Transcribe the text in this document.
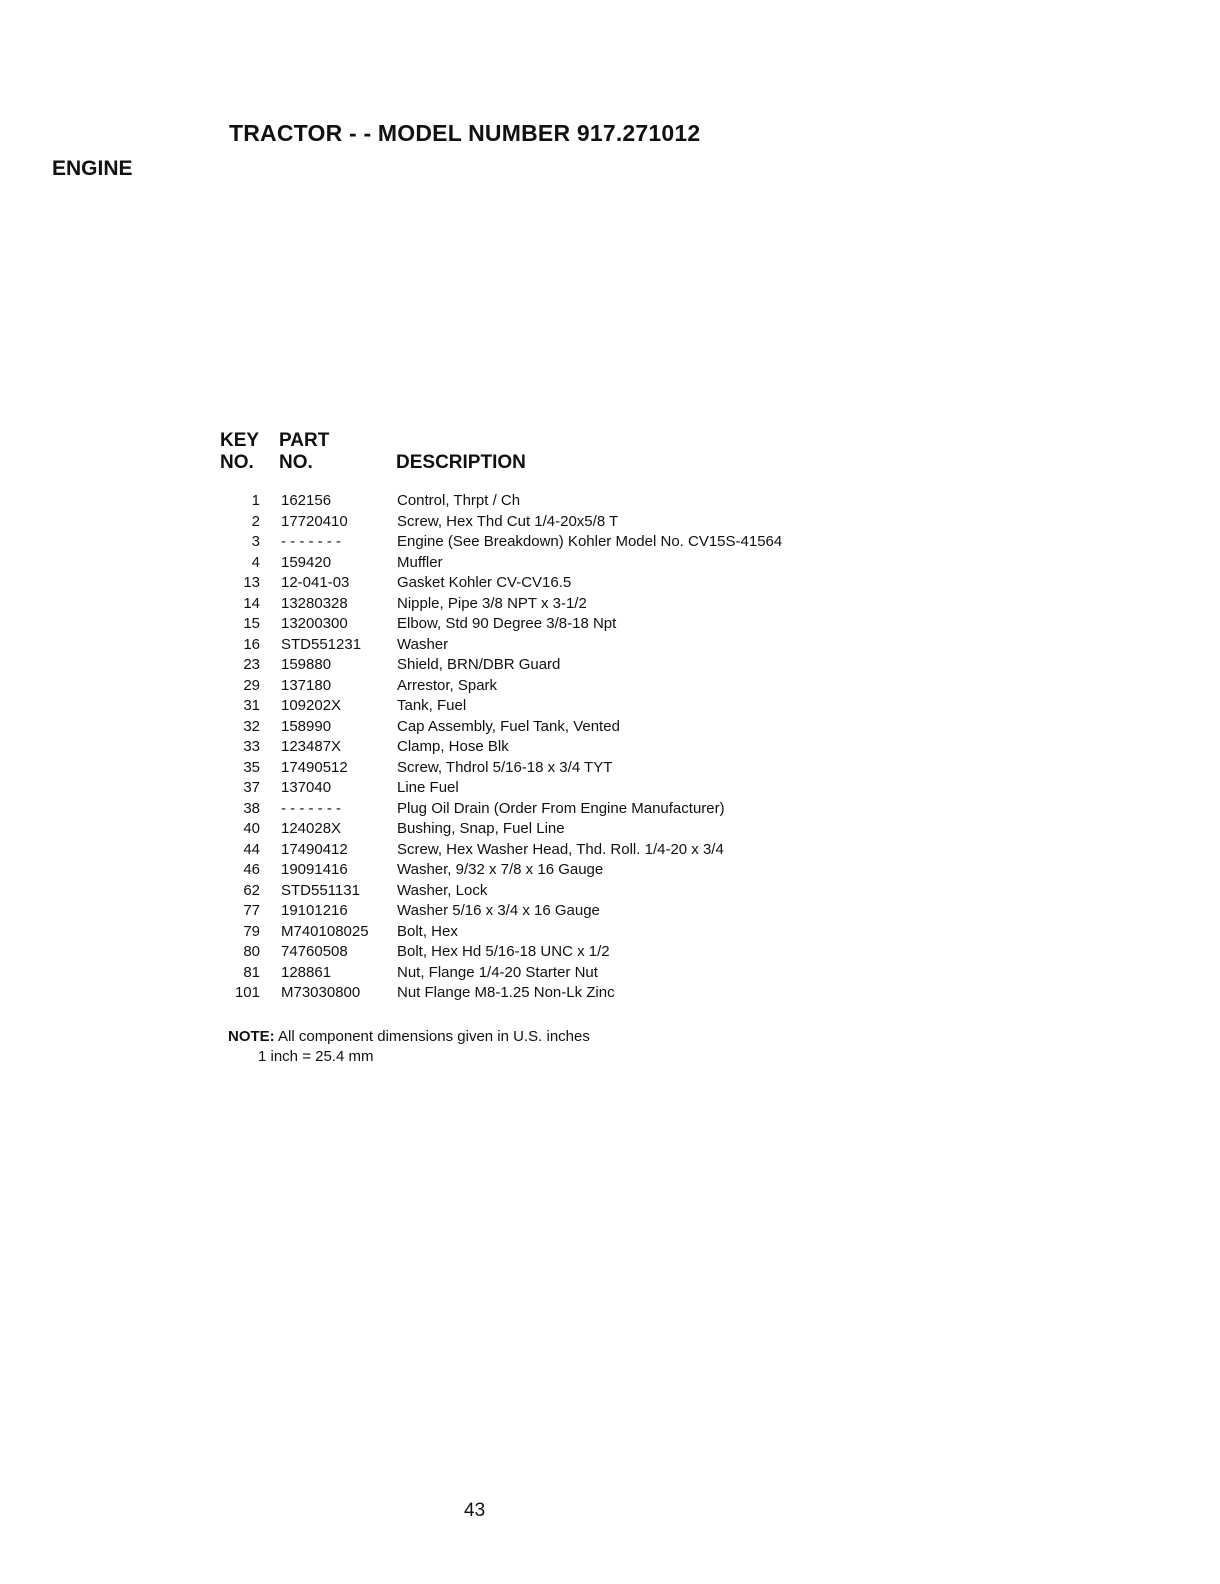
TRACTOR - - MODEL NUMBER 917.271012
ENGINE
KEY PART
NO. NO.	DESCRIPTION
1 162156	Control, Thrpt / Ch
2 17720410	Screw, Hex Thd Cut 1/4-20x5/8 T
3 - - - - - - -	Engine (See Breakdown) Kohler Model No. CV15S-41564
4 159420	Muffler
13 12-041-03	Gasket Kohler CV-CV16.5
14 13280328	Nipple, Pipe 3/8 NPT x 3-1/2
15 13200300	Elbow, Std 90 Degree 3/8-18 Npt
16 STD551231 Washer
23 159880	Shield, BRN/DBR Guard
29 137180	Arrestor, Spark
31 109202X	Tank, Fuel
32 158990	Cap Assembly, Fuel Tank, Vented
33 123487X	Clamp, Hose Blk
35 17490512	Screw, Thdrol 5/16-18 x 3/4 TYT
37 137040	Line Fuel
38 - - - - - - -	Plug Oil Drain (Order From Engine Manufacturer)
40 124028X	Bushing, Snap, Fuel Line
44 17490412	Screw, Hex Washer Head, Thd. Roll. 1/4-20 x 3/4
46 19091416	Washer, 9/32 x 7/8 x 16 Gauge
62 STD551131 Washer, Lock
77 19101216	Washer 5/16 x 3/4 x 16 Gauge
79 M740108025 Bolt, Hex
80 74760508	Bolt, Hex Hd 5/16-18 UNC x 1/2
81 128861	Nut, Flange 1/4-20 Starter Nut
101 M73030800 Nut Flange M8-1.25 Non-Lk Zinc
NOTE: All component dimensions given in U.S. inches
1 inch = 25.4 mm
43
